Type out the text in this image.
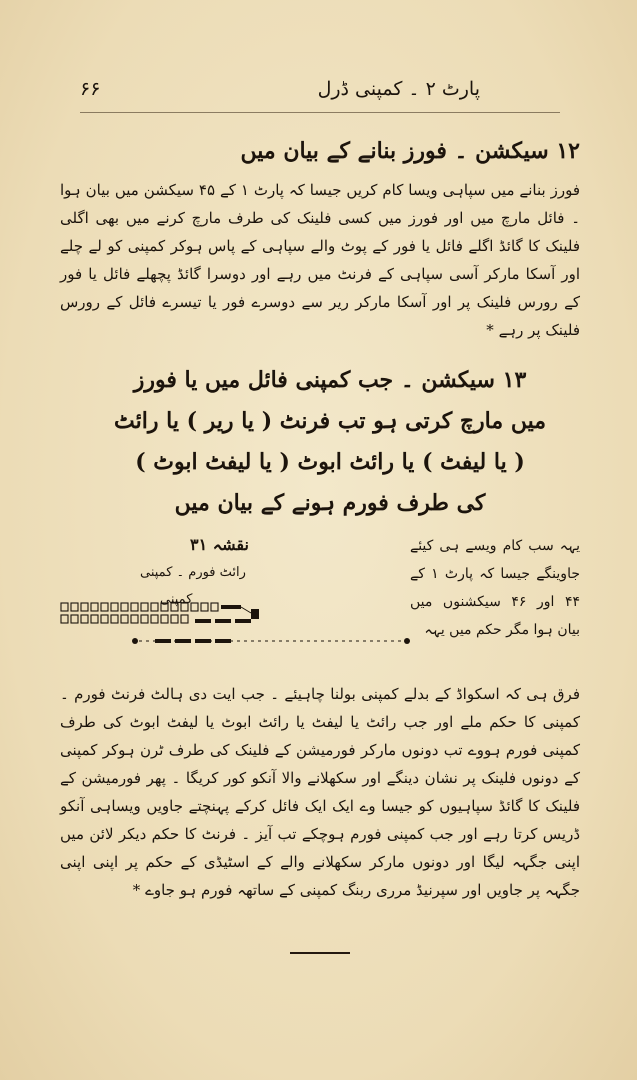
۶۶	پارٹ ۲ ۔ کمپنی ڈرل
۱۲ سیکشن ۔ فورز بنانے کے بیان میں
فورز بنانے میں سپاہی ویسا کام کریں جیسا کہ پارٹ ۱ کے ۴۵ سیکشن میں بیان ہوا ۔ فائل مارچ میں اور فورز میں کسی فلینک کی طرف مارچ کرنے میں بھی اگلی فلینک کا گائڈ اگلے فائل یا فور کے پوٹ والے سپاہی کے پاس ہوکر کمپنی کو لے چلے اور آسکا مارکر آسی سپاہی کے فرنٹ میں رہے اور دوسرا گائڈ پچھلے فائل یا فور کے رورس فلینک پر اور آسکا مارکر ریر سے دوسرے فور یا تیسرے فائل کے رورس فلینک پر رہے *
۱۳ سیکشن ۔ جب کمپنی فائل میں یا فورز
میں مارچ کرتی ہو تب فرنٹ ( یا ریر ) یا رائٹ
( یا لیفٹ ) یا رائٹ ابوٹ ( یا لیفٹ ابوٹ )
کی طرف فورم ہونے کے بیان میں
نقشہ ۳۱
رائٹ فورم ۔ کمپنی
کمپنی
یہہ سب کام ویسے ہی کیئے جاوینگے جیسا کہ پارٹ ۱ کے ۴۴ اور ۴۶ سیکشنوں میں بیان ہوا مگر حکم میں یہہ
فرق ہی کہ اسکواڈ کے بدلے کمپنی بولنا چاہیئے ۔ جب ایت دی ہالٹ فرنٹ فورم ۔ کمپنی کا حکم ملے اور جب رائٹ یا لیفٹ یا رائٹ ابوٹ یا لیفٹ ابوٹ کی طرف کمپنی فورم ہووے تب دونوں مارکر فورمیشن کے فلینک کی طرف ٹرن ہوکر کمپنی کے دونوں فلینک پر نشان دینگے اور سکھلانے والا آنکو کور کریگا ۔ پھر فورمیشن کے فلینک کا گائڈ سپاہیوں کو جیسا وے ایک ایک فائل کرکے پہنچتے جاویں ویساہی آنکو ڈریس کرتا رہے اور جب کمپنی فورم ہوچکے تب آیز ۔ فرنٹ کا حکم دیکر لائن میں اپنی جگہہ لیگا اور دونوں مارکر سکھلانے والے کے اسٹیڈی کے حکم پر اپنی اپنی جگہہ پر جاویں اور سپرنیڈ مرری ربنگ کمپنی کے ساتھہ فورم ہو جاوے *
